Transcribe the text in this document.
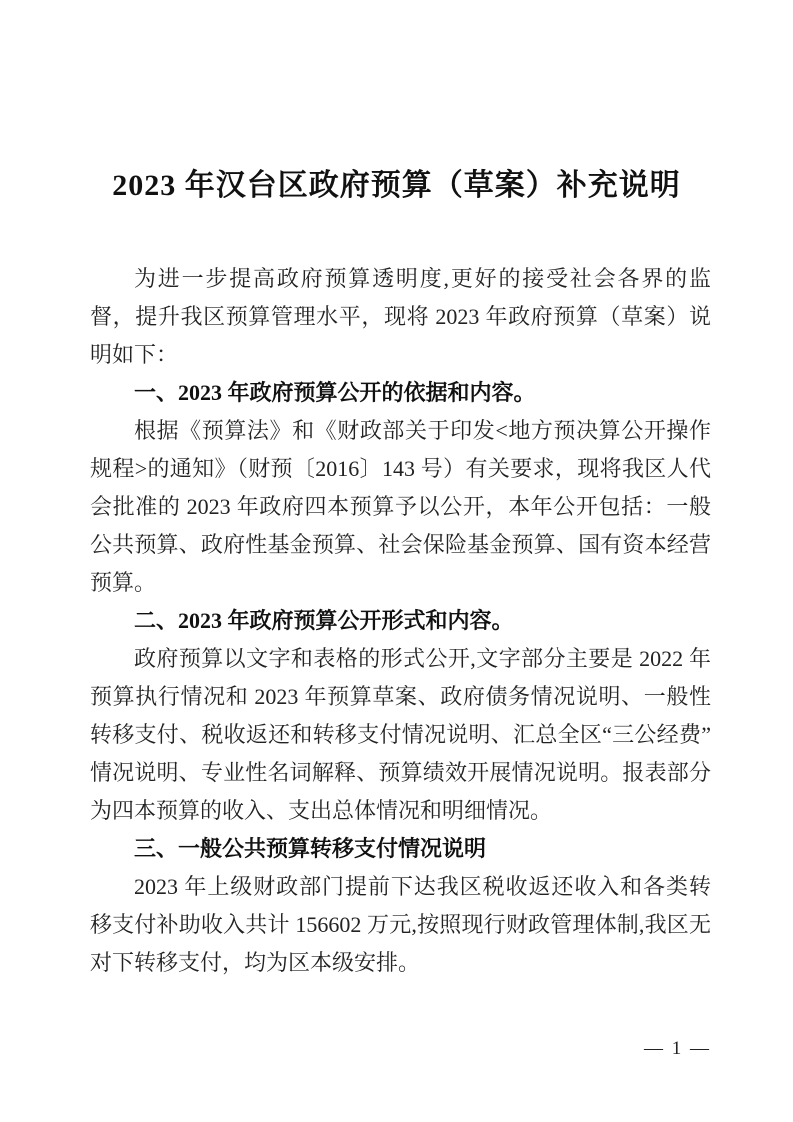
2023 年汉台区政府预算（草案）补充说明

为进一步提高政府预算透明度,更好的接受社会各界的监督，提升我区预算管理水平，现将 2023 年政府预算（草案）说明如下：

一、2023 年政府预算公开的依据和内容。

根据《预算法》和《财政部关于印发<地方预决算公开操作规程>的通知》（财预〔2016〕143 号）有关要求，现将我区人代会批准的 2023 年政府四本预算予以公开，本年公开包括：一般公共预算、政府性基金预算、社会保险基金预算、国有资本经营预算。

二、2023 年政府预算公开形式和内容。

政府预算以文字和表格的形式公开,文字部分主要是 2022 年预算执行情况和 2023 年预算草案、政府债务情况说明、一般性转移支付、税收返还和转移支付情况说明、汇总全区“三公经费”情况说明、专业性名词解释、预算绩效开展情况说明。报表部分为四本预算的收入、支出总体情况和明细情况。

三、一般公共预算转移支付情况说明

2023 年上级财政部门提前下达我区税收返还收入和各类转移支付补助收入共计 156602 万元,按照现行财政管理体制,我区无对下转移支付，均为区本级安排。

— 1 —
